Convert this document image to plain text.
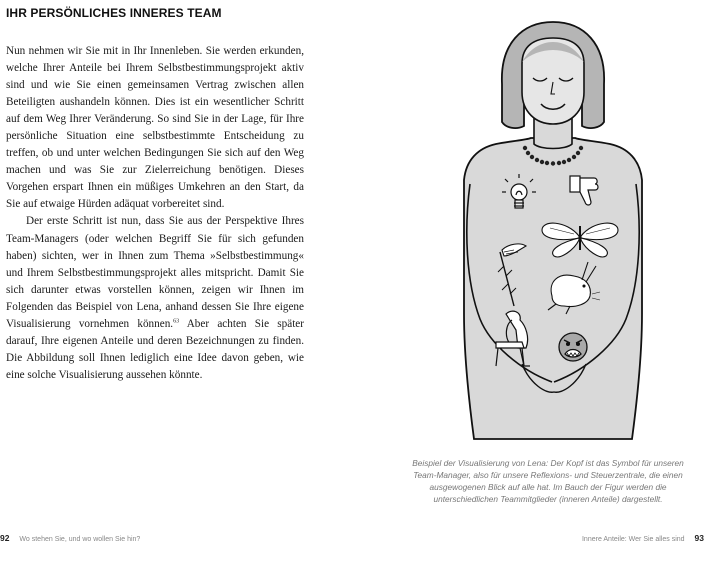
IHR PERSÖNLICHES INNERES TEAM

Nun nehmen wir Sie mit in Ihr Innenleben. Sie werden erkunden, welche Ihrer Anteile bei Ihrem Selbstbestimmungsprojekt aktiv sind und wie Sie einen gemeinsamen Vertrag zwischen allen Beteiligten aushandeln können. Dies ist ein wesentlicher Schritt auf dem Weg Ihrer Veränderung. So sind Sie in der Lage, für Ihre persönliche Situation eine selbstbestimmte Entscheidung zu treffen, ob und unter welchen Bedingungen Sie sich auf den Weg machen und was Sie zur Zielerreichung benötigen. Dieses Vorgehen erspart Ihnen ein müßiges Umkehren an den Start, da Sie auf etwaige Hürden adäquat vorbereitet sind.

Der erste Schritt ist nun, dass Sie aus der Perspektive Ihres Team-Managers (oder welchen Begriff Sie für sich gefunden haben) sichten, wer in Ihnen zum Thema »Selbstbestimmung« und Ihrem Selbstbestimmungsprojekt alles mitspricht. Damit Sie sich darunter etwas vorstellen können, zeigen wir Ihnen im Folgenden das Beispiel von Lena, anhand dessen Sie Ihre eigene Visualisierung vornehmen können.$^{63}$ Aber achten Sie später darauf, Ihre eigenen Anteile und deren Bezeichnungen zu finden. Die Abbildung soll Ihnen lediglich eine Idee davon geben, wie eine solche Visualisierung aussehen könnte.

Beispiel der Visualisierung von Lena: Der Kopf ist das Symbol für unseren Team-Manager, also für unsere Reflexions- und Steuerzentrale, die einen ausgewogenen Blick auf alle hat. Im Bauch der Figur werden die unterschiedlichen Teammitglieder (inneren Anteile) dargestellt.
92 Wo stehen Sie, und wo wollen Sie hin?	Innere Anteile: Wer Sie alles sind 93
